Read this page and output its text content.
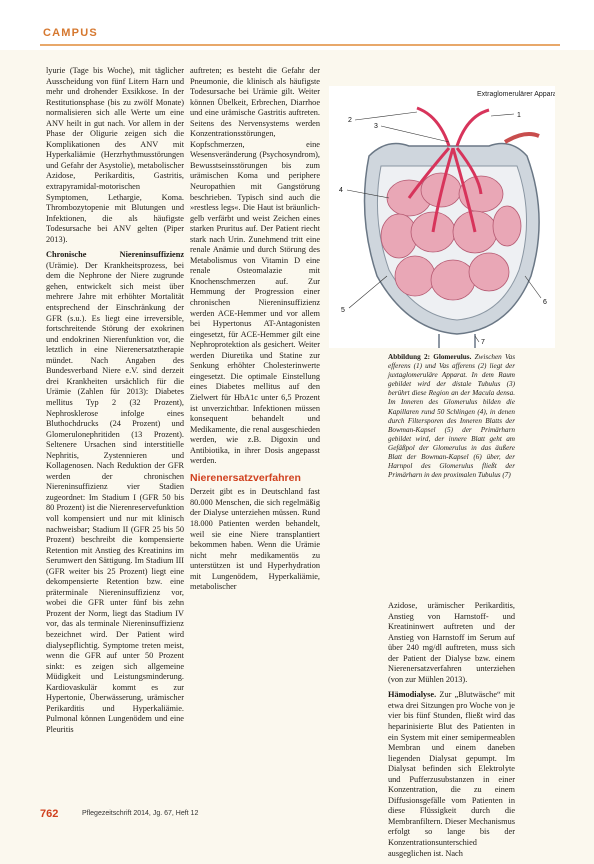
CAMPUS

lyurie (Tage bis Woche), mit täglicher Ausscheidung von fünf Litern Harn und mehr und drohender Exsikkose. In der Restitutionsphase (bis zu zwölf Monate) normalisieren sich alle Werte um eine ANV heilt in gut nach. Vor allem in der Phase der Oligurie zeigen sich die Komplikationen des ANV mit Hyperkaliämie (Herzrhythmusstörungen und Gefahr der Asystolie), metabolischer Azidose, Perikarditis, Gastritis, extrapyramidal-motorischen Symptomen, Lethargie, Koma. Thrombozytopenie mit Blutungen und Infektionen, die als häufigste Todesursache bei ANV gelten (Piper 2013).

Chronische Niereninsuffizienz (Urämie). Der Krankheitsprozess, bei dem die Nephrone der Niere zugrunde gehen, entwickelt sich meist über mehrere Jahre mit erhöhter Mortalität entsprechend der Einschränkung der GFR (s.u.). Es liegt eine irreversible, fortschreitende Störung der exokrinen und endokrinen Nierenfunktion vor, die letztlich in eine Nierenersatztherapie mündet. Nach Angaben des Bundesverband Niere e.V. sind derzeit drei Krankheiten ursächlich für die Urämie (Zahlen für 2013): Diabetes mellitus Typ 2 (32 Prozent), Nephrosklerose infolge eines Bluthochdrucks (24 Prozent) und Glomerulonephritiden (13 Prozent). Seltenere Ursachen sind interstitielle Nephritis, Zystennieren und Kollagenosen. Nach Reduktion der GFR werden der chronischen Niereninsuffizienz vier Stadien zugeordnet: Im Stadium I (GFR 50 bis 80 Prozent) ist die Nierenreservefunktion voll kompensiert und nur mit klinisch nachweisbar; Stadium II (GFR 25 bis 50 Prozent) beschreibt die kompensierte Retention mit Anstieg des Kreatinins im Serumwert den Sättigung. Im Stadium III (GFR weiter bis 25 Prozent) liegt eine dekompensierte Retention bzw. eine präterminale Niereninsuffizienz vor, wobei die GFR unter fünf bis zehn Prozent der Norm, liegt das Stadium IV vor, das als terminale Niereninsuffizienz bezeichnet wird. Der Patient wird dialysepflichtig. Symptome treten meist, wenn die GFR auf unter 50 Prozent sinkt: es zeigen sich allgemeine Müdigkeit und Leistungsminderung. Kardiovaskulär kommt es zur Hypertonie, Überwässerung, urämischer Perikarditis und Hyperkaliämie. Pulmonal können Lungenödem und eine Pleuritis

auftreten; es besteht die Gefahr der Pneumonie, die klinisch als häufigste Todesursache bei Urämie gilt. Weiter können Übelkeit, Erbrechen, Diarrhoe und eine urämische Gastritis auftreten. Seitens des Nervensystems werden Konzentrationsstörungen, Kopfschmerzen, eine Wesensveränderung (Psychosyndrom), Bewusstseinsstörungen bis zum urämischen Koma und periphere Neuropathien mit Gangstörung beschrieben. Typisch sind auch die »restless legs«. Die Haut ist bräunlich-gelb verfärbt und weist Zeichen eines starken Pruritus auf. Der Patient riecht stark nach Urin. Zunehmend tritt eine renale Anämie und durch Störung des Metabolismus von Vitamin D eine renale Osteomalazie mit Knochenschmerzen auf. Zur Hemmung der Progression einer chronischen Niereninsuffizienz werden ACE-Hemmer und vor allem bei Hypertonus AT-Antagonisten eingesetzt, für ACE-Hemmer gilt eine Nephroprotektion als gesichert. Weiter werden Diuretika und Statine zur Senkung erhöhter Cholesterinwerte eingesetzt. Die optimale Einstellung eines Diabetes mellitus auf den Zielwert für HbA1c unter 6,5 Prozent ist unverzichtbar. Infektionen müssen konsequent behandelt und Medikamente, die renal ausgeschieden werden, wie z.B. Digoxin und Antibiotika, in ihrer Dosis angepasst werden.

Nierenersatzverfahren

Derzeit gibt es in Deutschland fast 80.000 Menschen, die sich regelmäßig der Dialyse unterziehen müssen. Rund 18.000 Patienten werden behandelt, weil sie eine Niere transplantiert bekommen haben. Wenn die Urämie nicht mehr medikamentös zu unterstützen ist und Hyperhydration mit Lungenödem, Hyperkaliämie, metabolischer

1
2
3
4
5
6
7
Extraglomerulärer Apparat
Abbildung 2: Glomerulus. Zwischen Vas efferens (1) und Vas afferens (2) liegt der juxtaglomeruläre Apparat. In dem Raum gebildet wird der distale Tubulus (3) berührt diese Region an der Macula densa. Im Inneren des Glomerulus bilden die Kapillaren rund 50 Schlingen (4), in denen durch Filtersporen des Inneren Blatts der Bowman-Kapsel (5) der Primärharn gebildet wird, der innere Blatt geht am Gefäßpol der Glomerulus in das äußere Blatt der Bowman-Kapsel (6) über, der Harnpol des Glomerulus fließt der Primärharn in den proximalen Tubulus (7)

Azidose, urämischer Perikarditis, Anstieg von Harnstoff- und Kreatininwert auftreten und der Anstieg von Harnstoff im Serum auf über 240 mg/dl auftreten, muss sich der Patient der Dialyse bzw. einem Nierenersatzverfahren unterziehen (von zur Mühlen 2013).

Hämodialyse. Zur „Blutwäsche“ mit etwa drei Sitzungen pro Woche von je vier bis fünf Stunden, fließt wird das heparinisierte Blut des Patienten in ein System mit einer semipermeablen Membran und einem daneben liegenden Dialysat gepumpt. Im Dialysat befinden sich Elektrolyte und Pufferzusubstanzen in einer Konzentration, die zu einem Diffusionsgefälle vom Patienten in diese Flüssigkeit durch die Membranfiltern. Dieser Mechanismus erfolgt so lange bis der Konzentrationsunterschied ausgeglichen ist. Nach

762	Pflegezeitschrift 2014, Jg. 67, Heft 12
